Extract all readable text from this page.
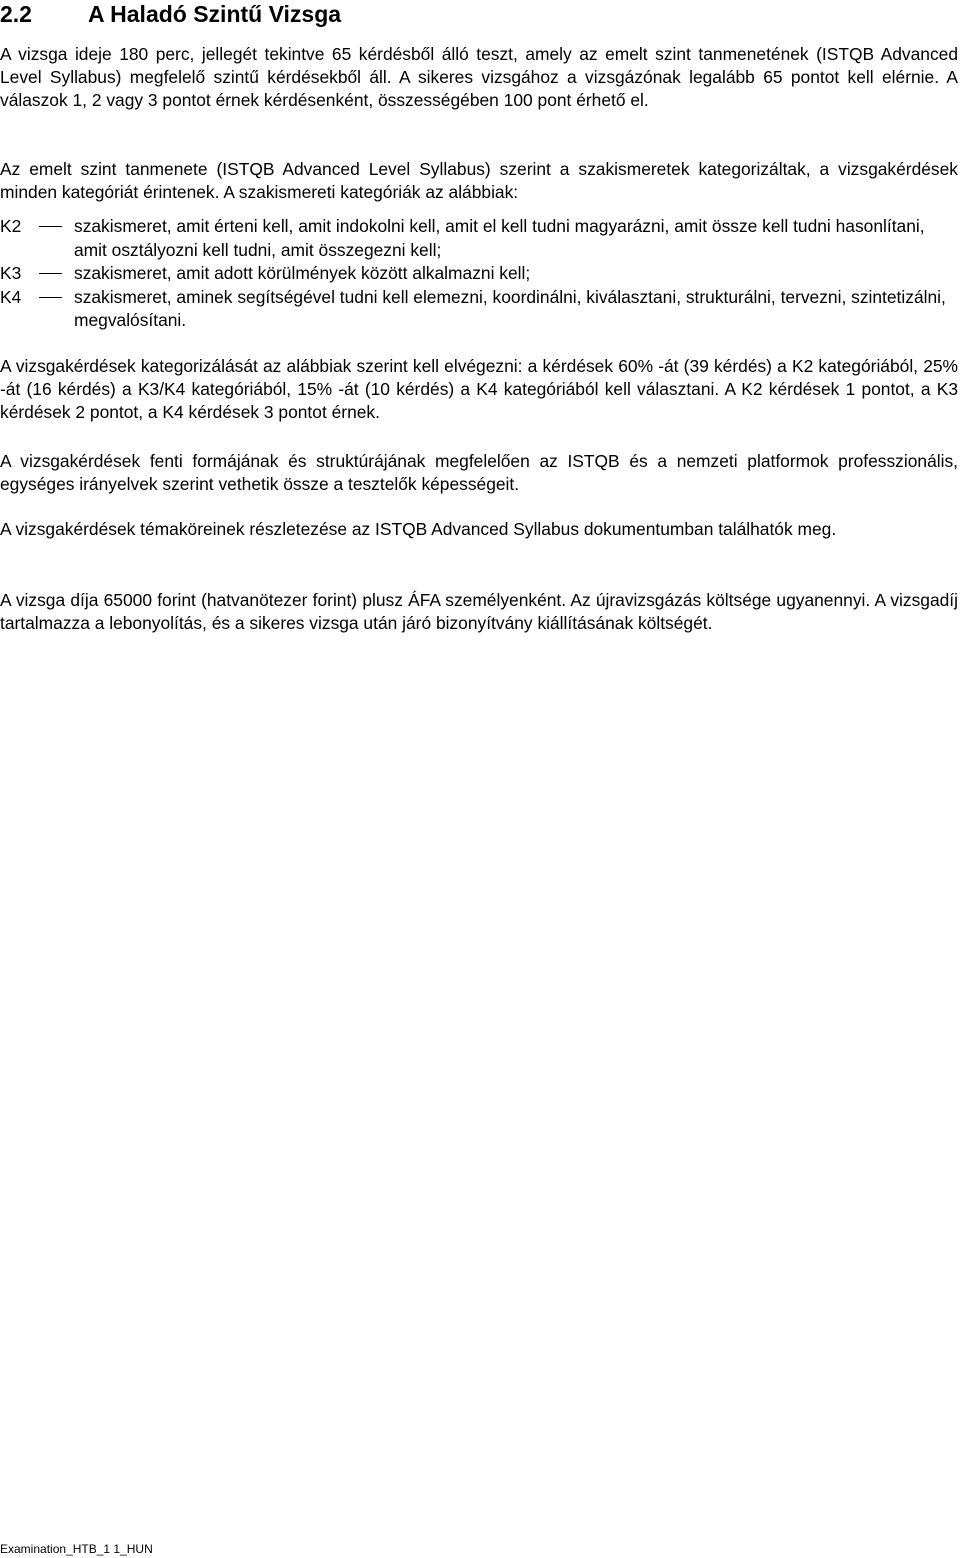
2.2 A Haladó Szintű Vizsga

A vizsga ideje 180 perc, jellegét tekintve 65 kérdésből álló teszt, amely az emelt szint tanmenetének (ISTQB Advanced Level Syllabus) megfelelő szintű kérdésekből áll. A sikeres vizsgához a vizsgázónak legalább 65 pontot kell elérnie. A válaszok 1, 2 vagy 3 pontot érnek kérdésenként, összességében 100 pont érhető el.

Az emelt szint tanmenete (ISTQB Advanced Level Syllabus) szerint a szakismeretek kategorizáltak, a vizsgakérdések minden kategóriát érintenek. A szakismereti kategóriák az alábbiak:

K2	szakismeret, amit érteni kell, amit indokolni kell, amit el kell tudni magyarázni, amit össze kell tudni hasonlítani, amit osztályozni kell tudni, amit összegezni kell;
K3	szakismeret, amit adott körülmények között alkalmazni kell;
K4	szakismeret, aminek segítségével tudni kell elemezni, koordinálni, kiválasztani, strukturálni, tervezni, szintetizálni, megvalósítani.

A vizsgakérdések kategorizálását az alábbiak szerint kell elvégezni: a kérdések 60% -át (39 kérdés) a K2 kategóriából, 25% -át (16 kérdés) a K3/K4 kategóriából, 15% -át (10 kérdés) a K4 kategóriából kell választani. A K2 kérdések 1 pontot, a K3 kérdések 2 pontot, a K4 kérdések 3 pontot érnek.

A vizsgakérdések fenti formájának és struktúrájának megfelelően az ISTQB és a nemzeti platformok professzionális, egységes irányelvek szerint vethetik össze a tesztelők képességeit.

A vizsgakérdések témaköreinek részletezése az ISTQB Advanced Syllabus dokumentumban találhatók meg.

A vizsga díja 65000 forint (hatvanötezer forint) plusz ÁFA személyenként. Az újravizsgázás költsége ugyanennyi. A vizsgadíj tartalmazza a lebonyolítás, és a sikeres vizsga után járó bizonyítvány kiállításának költségét.

Examination_HTB_1 1_HUN
